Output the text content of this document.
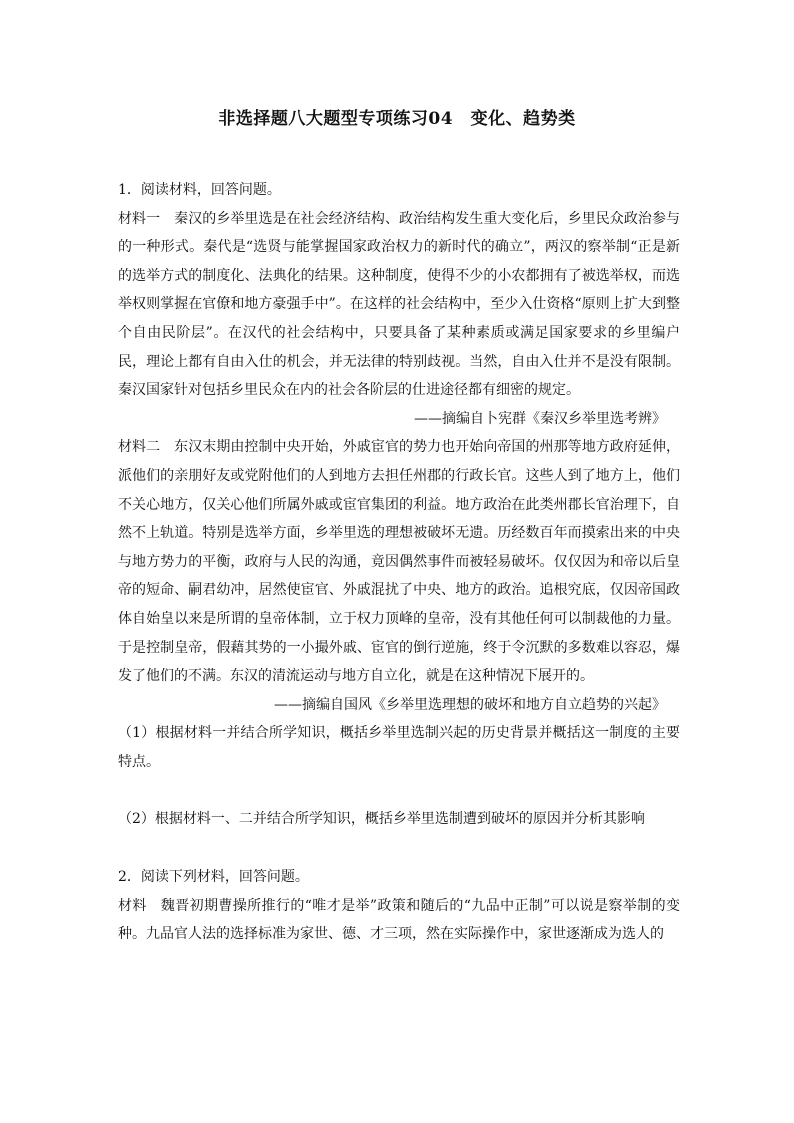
非选择题八大题型专项练习04　变化、趋势类

1．阅读材料，回答问题。

材料一 秦汉的乡举里选是在社会经济结构、政治结构发生重大变化后，乡里民众政治参与的一种形式。秦代是“选贤与能掌握国家政治权力的新时代的确立”，两汉的察举制“正是新的选举方式的制度化、法典化的结果。这种制度，使得不少的小农都拥有了被选举权，而选举权则掌握在官僚和地方豪强手中”。在这样的社会结构中，至少入仕资格“原则上扩大到整个自由民阶层”。在汉代的社会结构中，只要具备了某种素质或满足国家要求的乡里编户民，理论上都有自由入仕的机会，并无法律的特别歧视。当然，自由入仕并不是没有限制。秦汉国家针对包括乡里民众在内的社会各阶层的仕进途径都有细密的规定。

——摘编自卜宪群《秦汉乡举里选考辨》

材料二 东汉末期由控制中央开始，外戚宦官的势力也开始向帝国的州那等地方政府延伸，派他们的亲朋好友或党附他们的人到地方去担任州郡的行政长官。这些人到了地方上，他们不关心地方，仅关心他们所属外戚或宦官集团的利益。地方政治在此类州郡长官治理下，自然不上轨道。特别是选举方面，乡举里选的理想被破坏无遗。历经数百年而摸索出来的中央与地方势力的平衡，政府与人民的沟通，竟因偶然事件而被轻易破坏。仅仅因为和帝以后皇帝的短命、嗣君幼冲，居然使宦官、外戚混扰了中央、地方的政治。追根究底，仅因帝国政体自始皇以来是所谓的皇帝体制，立于权力顶峰的皇帝，没有其他任何可以制裁他的力量。于是控制皇帝，假藉其势的一小撮外戚、宦官的倒行逆施，终于令沉默的多数难以容忍，爆发了他们的不满。东汉的清流运动与地方自立化，就是在这种情况下展开的。

——摘编自国风《乡举里选理想的破坏和地方自立趋势的兴起》

（1）根据材料一并结合所学知识，概括乡举里选制兴起的历史背景并概括这一制度的主要特点。

（2）根据材料一、二并结合所学知识，概括乡举里选制遭到破坏的原因并分析其影响

2．阅读下列材料，回答问题。

材料 魏晋初期曹操所推行的“唯才是举”政策和随后的“九品中正制”可以说是察举制的变种。九品官人法的选择标准为家世、德、才三项，然在实际操作中，家世逐渐成为选人的
